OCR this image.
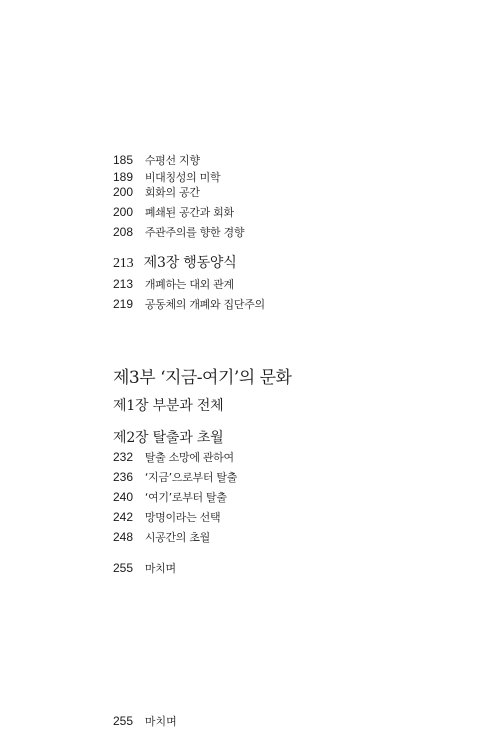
185 수평선 지향
189 비대칭성의 미학
200 회화의 공간
200 폐쇄된 공간과 회화
208 주관주의를 향한 경향
213 제3장 행동양식
213 개폐하는 대외 관계
219 공동체의 개폐와 집단주의
제3부 ‘지금-여기’의 문화
제1장 부분과 전체
제2장 탈출과 초월
232 탈출 소망에 관하여
236 ‘지금’으로부터 탈출
240 ‘여기’로부터 탈출
242 망명이라는 선택
248 시공간의 초월
255 마치며
255 마치며
